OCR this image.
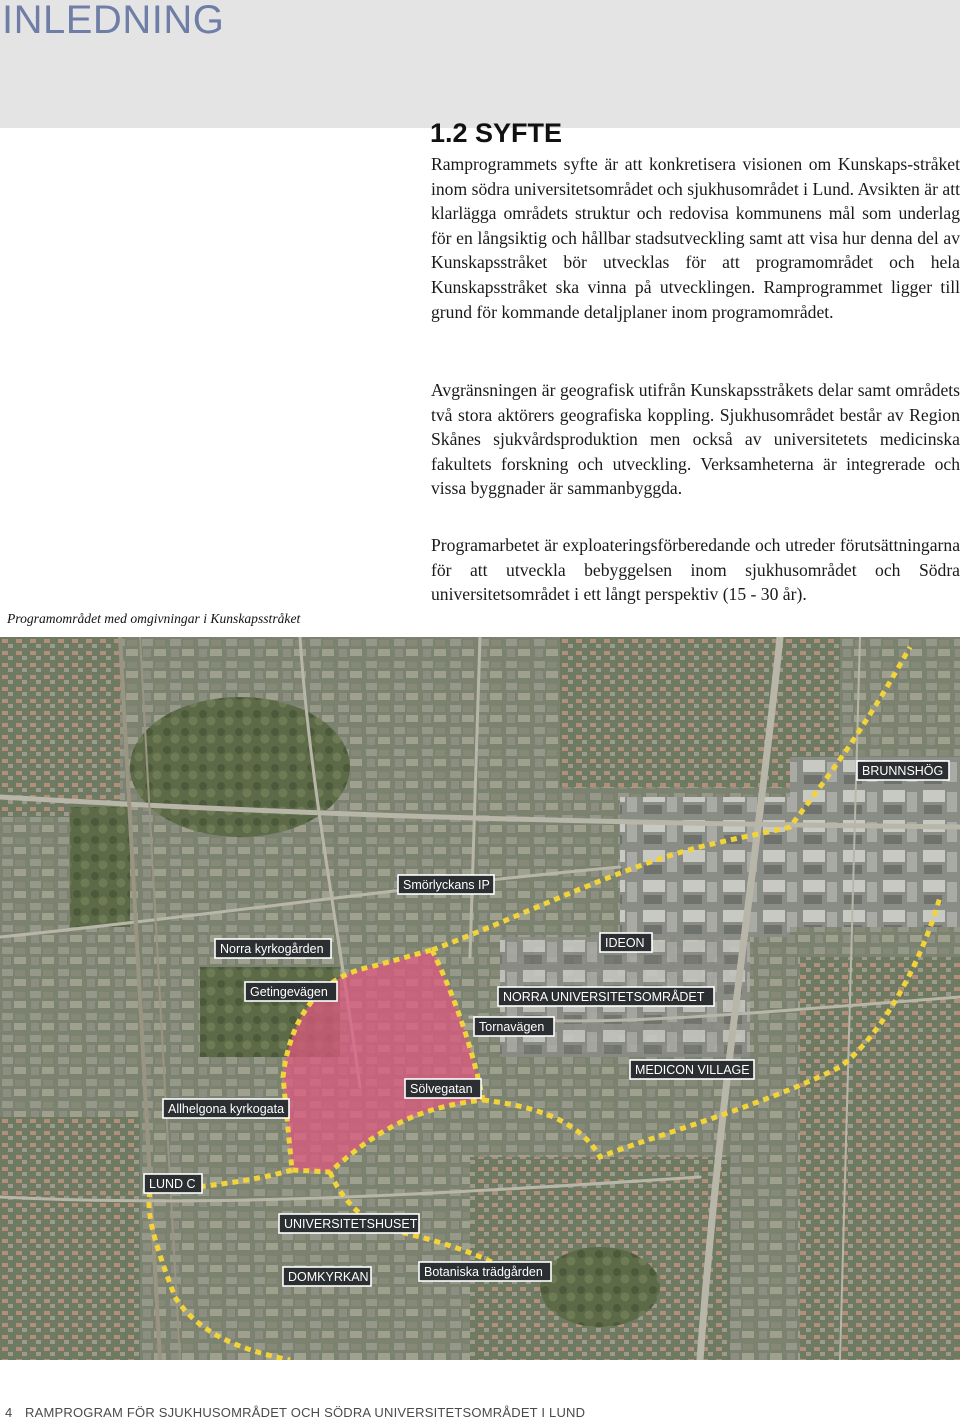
INLEDNING
1.2 SYFTE

Ramprogrammets syfte är att konkretisera visionen om Kunskaps-stråket inom södra universitetsområdet och sjukhusområdet i Lund. Avsikten är att klarlägga områdets struktur och redovisa kommunens mål som underlag för en långsiktig och hållbar stadsutveckling samt att visa hur denna del av Kunskapsstråket bör utvecklas för att programområdet och hela Kunskapsstråket ska vinna på utvecklingen. Ramprogrammet ligger till grund för kommande detaljplaner inom programområdet.

Avgränsningen är geografisk utifrån Kunskapsstråkets delar samt områdets två stora aktörers geografiska koppling. Sjukhusområdet består av Region Skånes sjukvårdsproduktion men också av universitetets medicinska fakultets forskning och utveckling. Verksamheterna är integrerade och vissa byggnader är sammanbyggda.

Programarbetet är exploateringsförberedande och utreder förutsättningarna för att utveckla bebyggelsen inom sjukhusområdet och Södra universitetsområdet i ett långt perspektiv (15 - 30 år).

Programområdet med omgivningar i Kunskapsstråket
BRUNNSHÖG
Smörlyckans IP
Norra kyrkogården	IDEON
Getingevägen	NORRA UNIVERSITETSOMRÅDET
Tornavägen
MEDICON VILLAGE
Sölvegatan
Allhelgona kyrkogata
LUND C
UNIVERSITETSHUSET
DOMKYRKAN	Botaniska trädgården
4 RAMPROGRAM FÖR SJUKHUSOMRÅDET OCH SÖDRA UNIVERSITETSOMRÅDET I LUND
